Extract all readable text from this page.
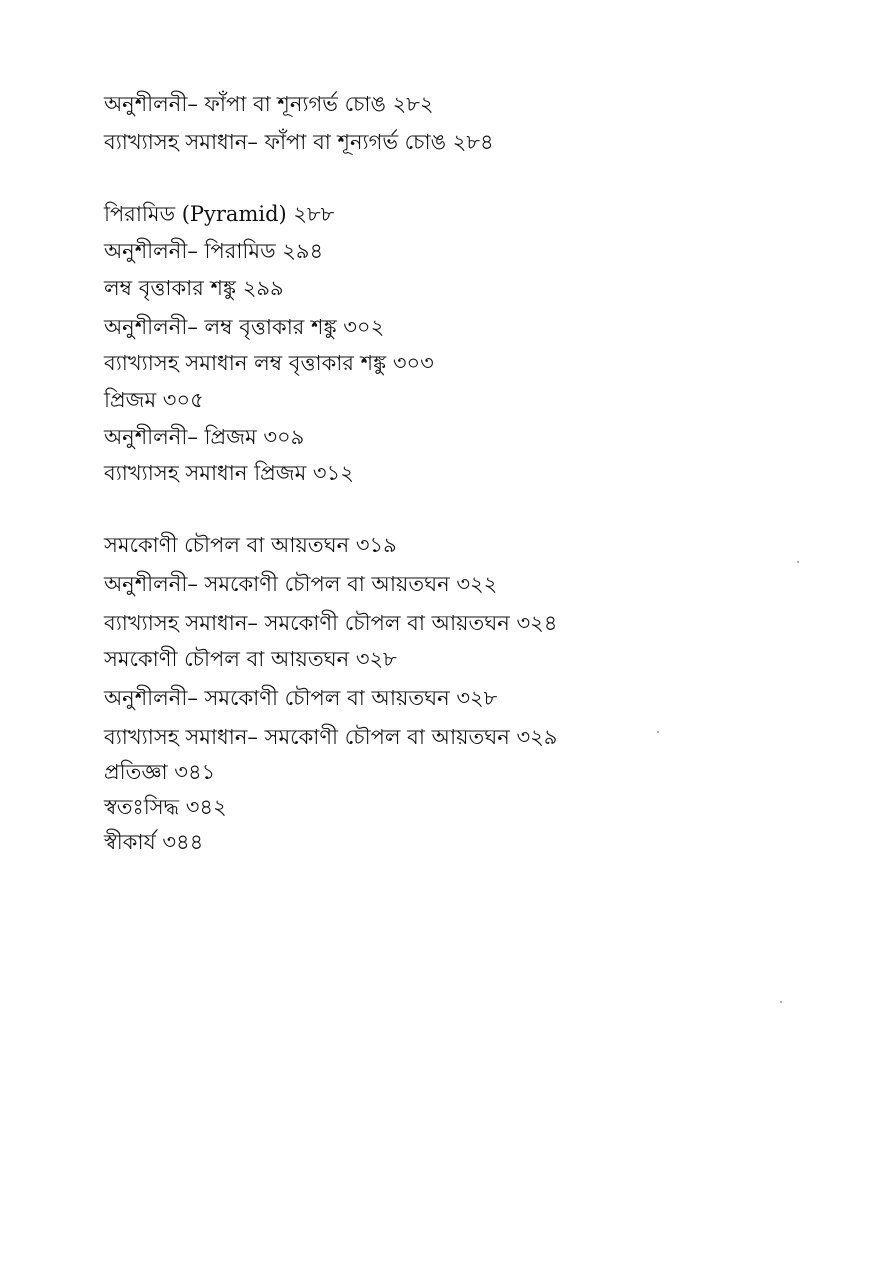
অনুশীলনী– ফাঁপা বা শূন্যগর্ভ চোঙ ২৮২
ব্যাখ্যাসহ সমাধান– ফাঁপা বা শূন্যগর্ভ চোঙ ২৮৪
পিরামিড (Pyramid) ২৮৮
অনুশীলনী– পিরামিড ২৯৪
লম্ব বৃত্তাকার শঙ্কু ২৯৯
অনুশীলনী– লম্ব বৃত্তাকার শঙ্কু ৩০২
ব্যাখ্যাসহ সমাধান লম্ব বৃত্তাকার শঙ্কু ৩০৩
প্রিজম ৩০৫
অনুশীলনী– প্রিজম ৩০৯
ব্যাখ্যাসহ সমাধান প্রিজম ৩১২
সমকোণী চৌপল বা আয়তঘন ৩১৯
অনুশীলনী– সমকোণী চৌপল বা আয়তঘন ৩২২
ব্যাখ্যাসহ সমাধান– সমকোণী চৌপল বা আয়তঘন ৩২৪
সমকোণী চৌপল বা আয়তঘন ৩২৮
অনুশীলনী– সমকোণী চৌপল বা আয়তঘন ৩২৮
ব্যাখ্যাসহ সমাধান– সমকোণী চৌপল বা আয়তঘন ৩২৯
প্রতিজ্ঞা ৩৪১
স্বতঃসিদ্ধ ৩৪২
স্বীকার্য ৩৪৪
